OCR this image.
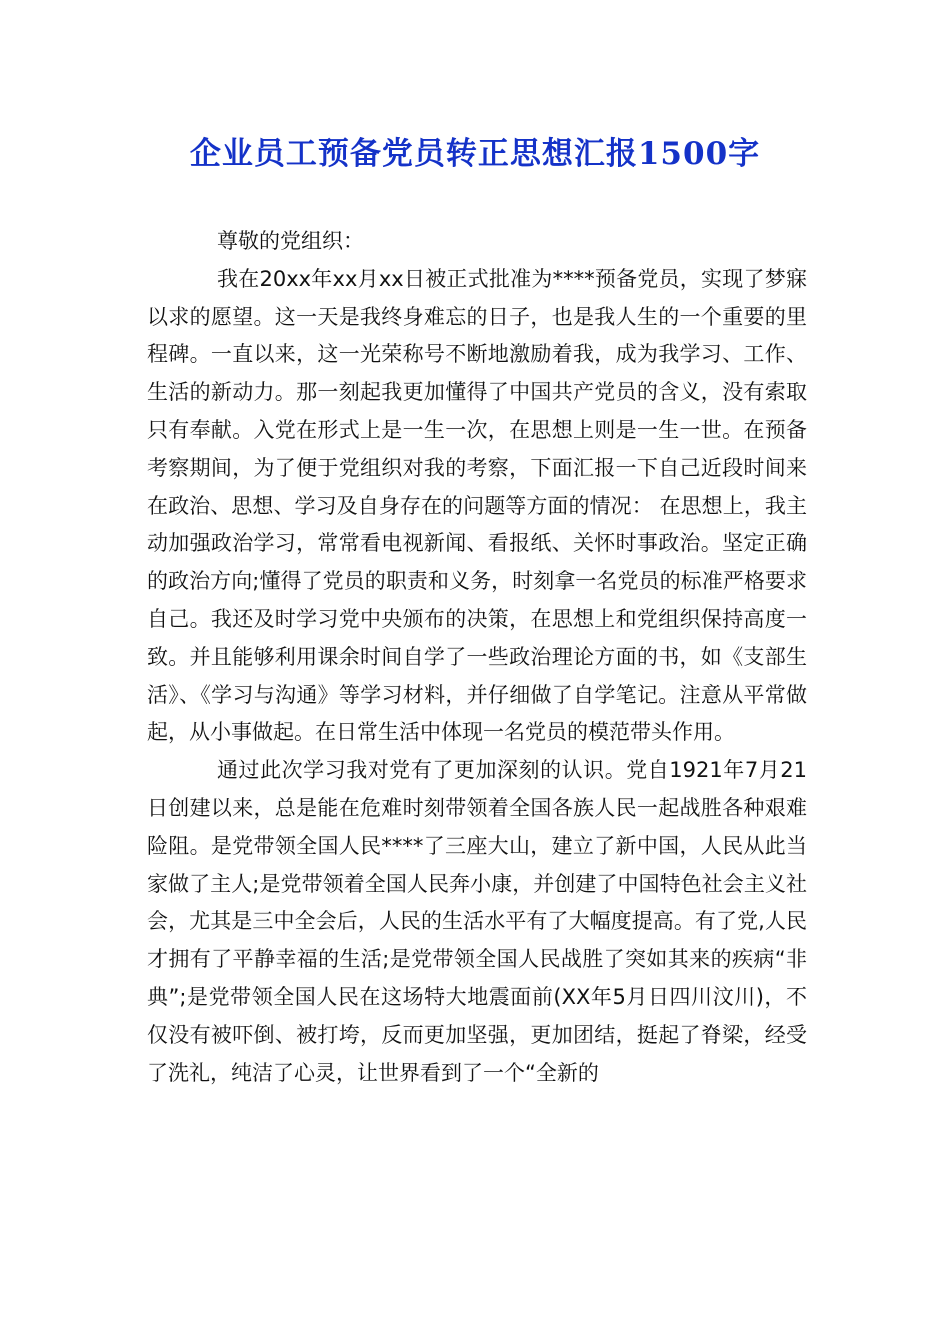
企业员工预备党员转正思想汇报1500字

尊敬的党组织：

我在20xx年xx月xx日被正式批准为****预备党员，实现了梦寐以求的愿望。这一天是我终身难忘的日子，也是我人生的一个重要的里程碑。一直以来，这一光荣称号不断地激励着我，成为我学习、工作、生活的新动力。那一刻起我更加懂得了中国共产党员的含义，没有索取只有奉献。入党在形式上是一生一次，在思想上则是一生一世。在预备考察期间，为了便于党组织对我的考察，下面汇报一下自己近段时间来在政治、思想、学习及自身存在的问题等方面的情况： 在思想上，我主动加强政治学习，常常看电视新闻、看报纸、关怀时事政治。坚定正确的政治方向;懂得了党员的职责和义务，时刻拿一名党员的标准严格要求自己。我还及时学习党中央颁布的决策，在思想上和党组织保持高度一致。并且能够利用课余时间自学了一些政治理论方面的书，如《支部生活》、《学习与沟通》等学习材料，并仔细做了自学笔记。注意从平常做起，从小事做起。在日常生活中体现一名党员的模范带头作用。

通过此次学习我对党有了更加深刻的认识。党自1921年7月21日创建以来，总是能在危难时刻带领着全国各族人民一起战胜各种艰难险阻。是党带领全国人民****了三座大山，建立了新中国，人民从此当家做了主人;是党带领着全国人民奔小康，并创建了中国特色社会主义社会，尤其是三中全会后，人民的生活水平有了大幅度提高。有了党,人民才拥有了平静幸福的生活;是党带领全国人民战胜了突如其来的疾病“非典”;是党带领全国人民在这场特大地震面前(XX年5月日四川汶川)，不仅没有被吓倒、被打垮，反而更加坚强，更加团结，挺起了脊梁，经受了洗礼，纯洁了心灵，让世界看到了一个“全新的
